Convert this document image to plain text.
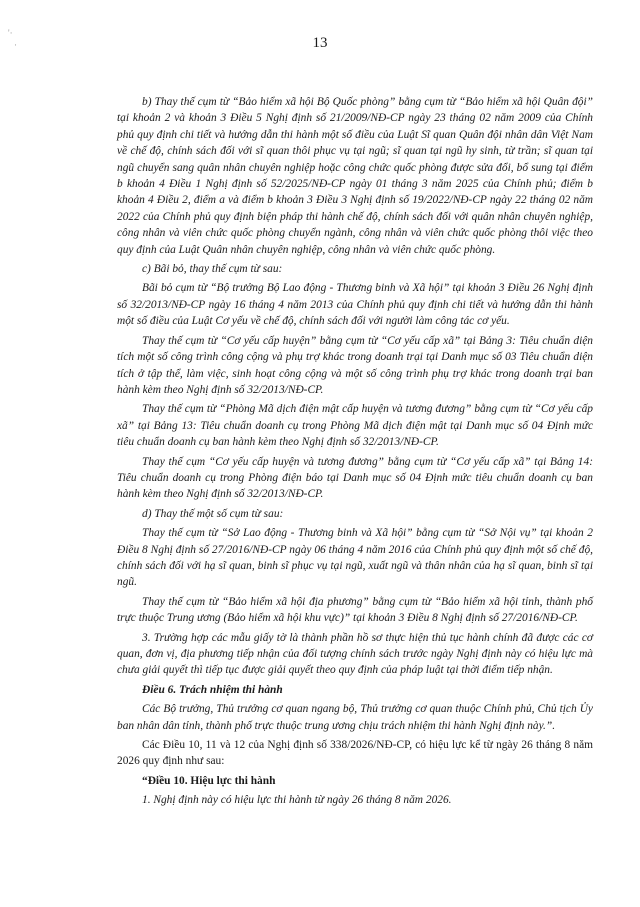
13
'·
·

b) Thay thế cụm từ “Bảo hiểm xã hội Bộ Quốc phòng” bằng cụm từ “Bảo hiểm xã hội Quân đội” tại khoản 2 và khoản 3 Điều 5 Nghị định số 21/2009/NĐ-CP ngày 23 tháng 02 năm 2009 của Chính phủ quy định chi tiết và hướng dẫn thi hành một số điều của Luật Sĩ quan Quân đội nhân dân Việt Nam về chế độ, chính sách đối với sĩ quan thôi phục vụ tại ngũ; sĩ quan tại ngũ hy sinh, từ trần; sĩ quan tại ngũ chuyển sang quân nhân chuyên nghiệp hoặc công chức quốc phòng được sửa đổi, bổ sung tại điểm b khoản 4 Điều 1 Nghị định số 52/2025/NĐ-CP ngày 01 tháng 3 năm 2025 của Chính phủ; điểm b khoản 4 Điều 2, điểm a và điểm b khoản 3 Điều 3 Nghị định số 19/2022/NĐ-CP ngày 22 tháng 02 năm 2022 của Chính phủ quy định biện pháp thi hành chế độ, chính sách đối với quân nhân chuyên nghiệp, công nhân và viên chức quốc phòng chuyển ngành, công nhân và viên chức quốc phòng thôi việc theo quy định của Luật Quân nhân chuyên nghiệp, công nhân và viên chức quốc phòng.

c) Bãi bỏ, thay thế cụm từ sau:

Bãi bỏ cụm từ “Bộ trưởng Bộ Lao động - Thương binh và Xã hội” tại khoản 3 Điều 26 Nghị định số 32/2013/NĐ-CP ngày 16 tháng 4 năm 2013 của Chính phủ quy định chi tiết và hướng dẫn thi hành một số điều của Luật Cơ yếu về chế độ, chính sách đối với người làm công tác cơ yếu.

Thay thế cụm từ “Cơ yếu cấp huyện” bằng cụm từ “Cơ yếu cấp xã” tại Bảng 3: Tiêu chuẩn diện tích một số công trình công cộng và phụ trợ khác trong doanh trại tại Danh mục số 03 Tiêu chuẩn diện tích ở tập thể, làm việc, sinh hoạt công cộng và một số công trình phụ trợ khác trong doanh trại ban hành kèm theo Nghị định số 32/2013/NĐ-CP.

Thay thế cụm từ “Phòng Mã dịch điện mật cấp huyện và tương đương” bằng cụm từ “Cơ yếu cấp xã” tại Bảng 13: Tiêu chuẩn doanh cụ trong Phòng Mã dịch điện mật tại Danh mục số 04 Định mức tiêu chuẩn doanh cụ ban hành kèm theo Nghị định số 32/2013/NĐ-CP.

Thay thế cụm “Cơ yếu cấp huyện và tương đương” bằng cụm từ “Cơ yếu cấp xã” tại Bảng 14: Tiêu chuẩn doanh cụ trong Phòng điện báo tại Danh mục số 04 Định mức tiêu chuẩn doanh cụ ban hành kèm theo Nghị định số 32/2013/NĐ-CP.

d) Thay thế một số cụm từ sau:

Thay thế cụm từ “Sở Lao động - Thương binh và Xã hội” bằng cụm từ “Sở Nội vụ” tại khoản 2 Điều 8 Nghị định số 27/2016/NĐ-CP ngày 06 tháng 4 năm 2016 của Chính phủ quy định một số chế độ, chính sách đối với hạ sĩ quan, binh sĩ phục vụ tại ngũ, xuất ngũ và thân nhân của hạ sĩ quan, binh sĩ tại ngũ.

Thay thế cụm từ “Bảo hiểm xã hội địa phương” bằng cụm từ “Bảo hiểm xã hội tỉnh, thành phố trực thuộc Trung ương (Bảo hiểm xã hội khu vực)” tại khoản 3 Điều 8 Nghị định số 27/2016/NĐ-CP.

3. Trường hợp các mẫu giấy tờ là thành phần hồ sơ thực hiện thủ tục hành chính đã được các cơ quan, đơn vị, địa phương tiếp nhận của đối tượng chính sách trước ngày Nghị định này có hiệu lực mà chưa giải quyết thì tiếp tục được giải quyết theo quy định của pháp luật tại thời điểm tiếp nhận.

Điều 6. Trách nhiệm thi hành

Các Bộ trưởng, Thủ trưởng cơ quan ngang bộ, Thủ trưởng cơ quan thuộc Chính phủ, Chủ tịch Ủy ban nhân dân tỉnh, thành phố trực thuộc trung ương chịu trách nhiệm thi hành Nghị định này.”.

Các Điều 10, 11 và 12 của Nghị định số 338/2026/NĐ-CP, có hiệu lực kể từ ngày 26 tháng 8 năm 2026 quy định như sau:

“Điều 10. Hiệu lực thi hành

1. Nghị định này có hiệu lực thi hành từ ngày 26 tháng 8 năm 2026.
